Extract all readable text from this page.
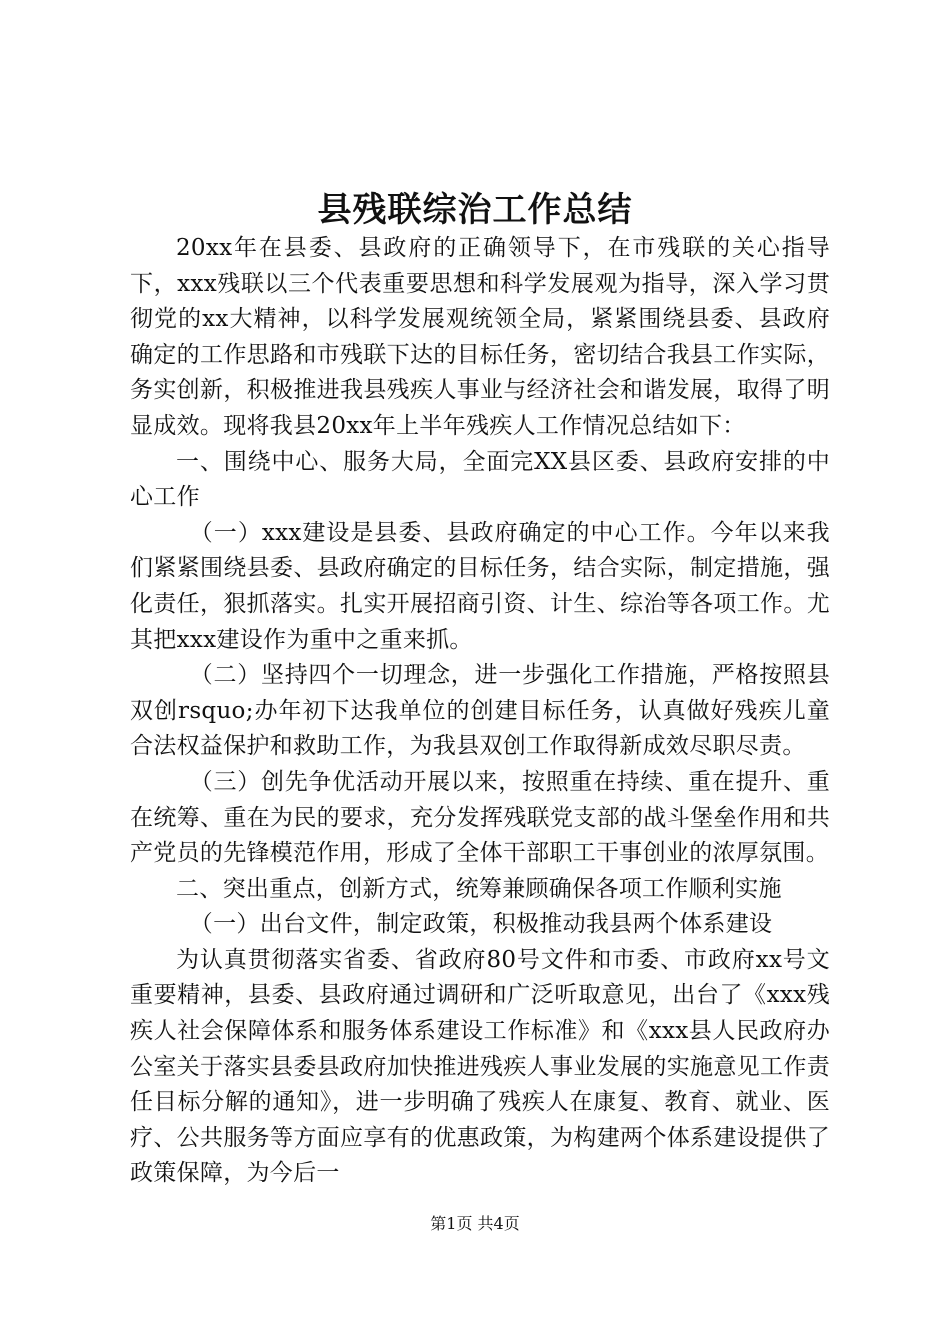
县残联综治工作总结

20xx年在县委、县政府的正确领导下，在市残联的关心指导下，xxx残联以三个代表重要思想和科学发展观为指导，深入学习贯彻党的xx大精神，以科学发展观统领全局，紧紧围绕县委、县政府确定的工作思路和市残联下达的目标任务，密切结合我县工作实际，务实创新，积极推进我县残疾人事业与经济社会和谐发展，取得了明显成效。现将我县20xx年上半年残疾人工作情况总结如下：

一、围绕中心、服务大局，全面完XX县区委、县政府安排的中心工作

（一）xxx建设是县委、县政府确定的中心工作。今年以来我们紧紧围绕县委、县政府确定的目标任务，结合实际，制定措施，强化责任，狠抓落实。扎实开展招商引资、计生、综治等各项工作。尤其把xxx建设作为重中之重来抓。

（二）坚持四个一切理念，进一步强化工作措施，严格按照县双创rsquo;办年初下达我单位的创建目标任务，认真做好残疾儿童合法权益保护和救助工作，为我县双创工作取得新成效尽职尽责。

（三）创先争优活动开展以来，按照重在持续、重在提升、重在统筹、重在为民的要求，充分发挥残联党支部的战斗堡垒作用和共产党员的先锋模范作用，形成了全体干部职工干事创业的浓厚氛围。

二、突出重点，创新方式，统筹兼顾确保各项工作顺利实施

（一）出台文件，制定政策，积极推动我县两个体系建设

为认真贯彻落实省委、省政府80号文件和市委、市政府xx号文重要精神，县委、县政府通过调研和广泛听取意见，出台了《xxx残疾人社会保障体系和服务体系建设工作标准》和《xxx县人民政府办公室关于落实县委县政府加快推进残疾人事业发展的实施意见工作责任目标分解的通知》，进一步明确了残疾人在康复、教育、就业、医疗、公共服务等方面应享有的优惠政策，为构建两个体系建设提供了政策保障，为今后一

第1页 共4页
